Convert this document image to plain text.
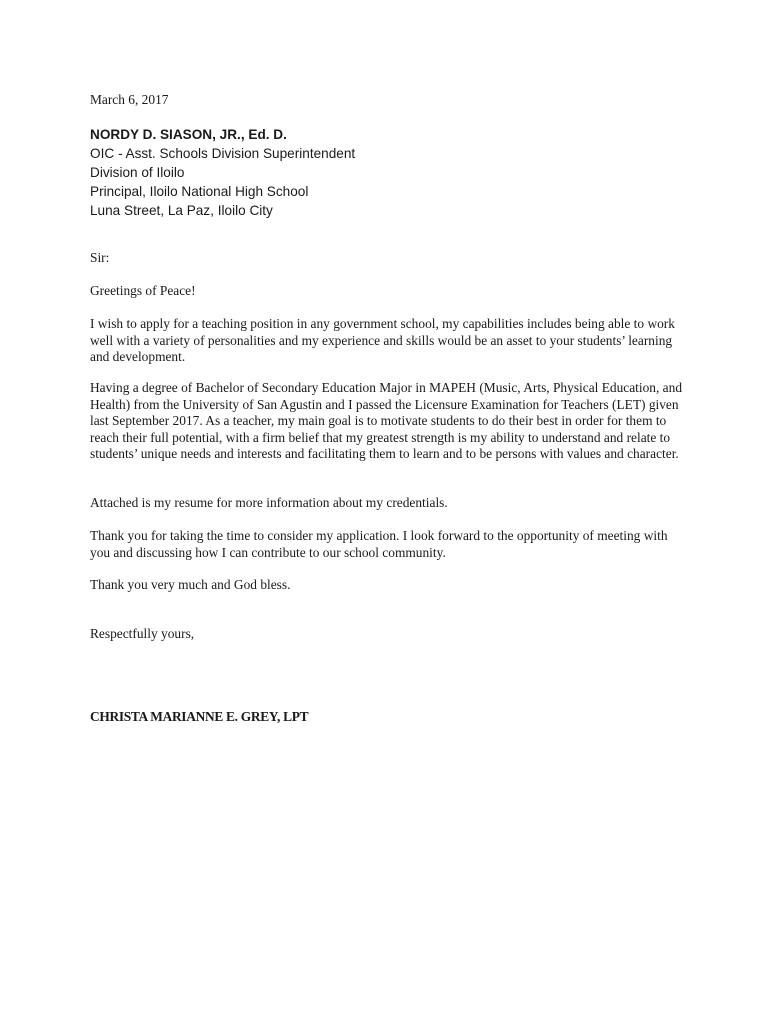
March 6, 2017

NORDY D. SIASON, JR., Ed. D.
OIC - Asst. Schools Division Superintendent
Division of Iloilo
Principal, Iloilo National High School
Luna Street, La Paz, Iloilo City

Sir:

Greetings of Peace!

I wish to apply for a teaching position in any government school, my capabilities includes being able to work well with a variety of personalities and my experience and skills would be an asset to your students’ learning and development.

Having a degree of Bachelor of Secondary Education Major in MAPEH (Music, Arts, Physical Education, and Health) from the University of San Agustin and I passed the Licensure Examination for Teachers (LET) given last September 2017. As a teacher, my main goal is to motivate students to do their best in order for them to reach their full potential, with a firm belief that my greatest strength is my ability to understand and relate to students’ unique needs and interests and facilitating them to learn and to be persons with values and character.

Attached is my resume for more information about my credentials.

Thank you for taking the time to consider my application. I look forward to the opportunity of meeting with you and discussing how I can contribute to our school community.

Thank you very much and God bless.

Respectfully yours,

CHRISTA MARIANNE E. GREY, LPT
